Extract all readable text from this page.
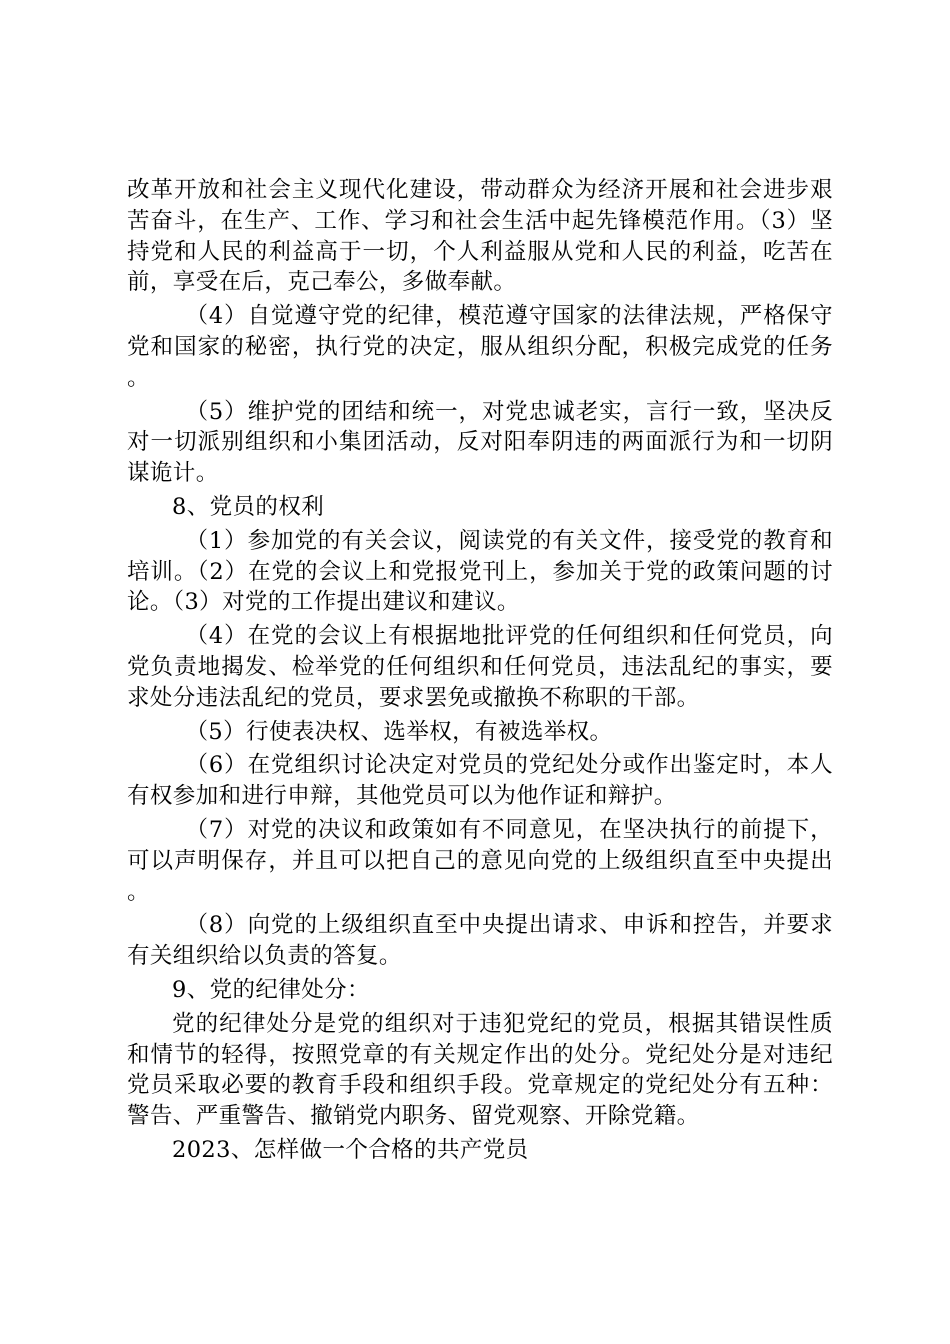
改革开放和社会主义现代化建设，带动群众为经济开展和社会进步艰苦奋斗，在生产、工作、学习和社会生活中起先锋模范作用。（3）坚持党和人民的利益高于一切，个人利益服从党和人民的利益，吃苦在前，享受在后，克己奉公，多做奉献。

（4）自觉遵守党的纪律，模范遵守国家的法律法规，严格保守党和国家的秘密，执行党的决定，服从组织分配，积极完成党的任务。

（5）维护党的团结和统一，对党忠诚老实，言行一致，坚决反对一切派别组织和小集团活动，反对阳奉阴违的两面派行为和一切阴谋诡计。

8、党员的权利

（1）参加党的有关会议，阅读党的有关文件，接受党的教育和培训。（2）在党的会议上和党报党刊上，参加关于党的政策问题的讨论。（3）对党的工作提出建议和建议。

（4）在党的会议上有根据地批评党的任何组织和任何党员，向党负责地揭发、检举党的任何组织和任何党员，违法乱纪的事实，要求处分违法乱纪的党员，要求罢免或撤换不称职的干部。

（5）行使表决权、选举权，有被选举权。

（6）在党组织讨论决定对党员的党纪处分或作出鉴定时，本人有权参加和进行申辩，其他党员可以为他作证和辩护。

（7）对党的决议和政策如有不同意见，在坚决执行的前提下，可以声明保存，并且可以把自己的意见向党的上级组织直至中央提出。

（8）向党的上级组织直至中央提出请求、申诉和控告，并要求有关组织给以负责的答复。

9、党的纪律处分：

党的纪律处分是党的组织对于违犯党纪的党员，根据其错误性质和情节的轻得，按照党章的有关规定作出的处分。党纪处分是对违纪党员采取必要的教育手段和组织手段。党章规定的党纪处分有五种：警告、严重警告、撤销党内职务、留党观察、开除党籍。

2023、怎样做一个合格的共产党员
